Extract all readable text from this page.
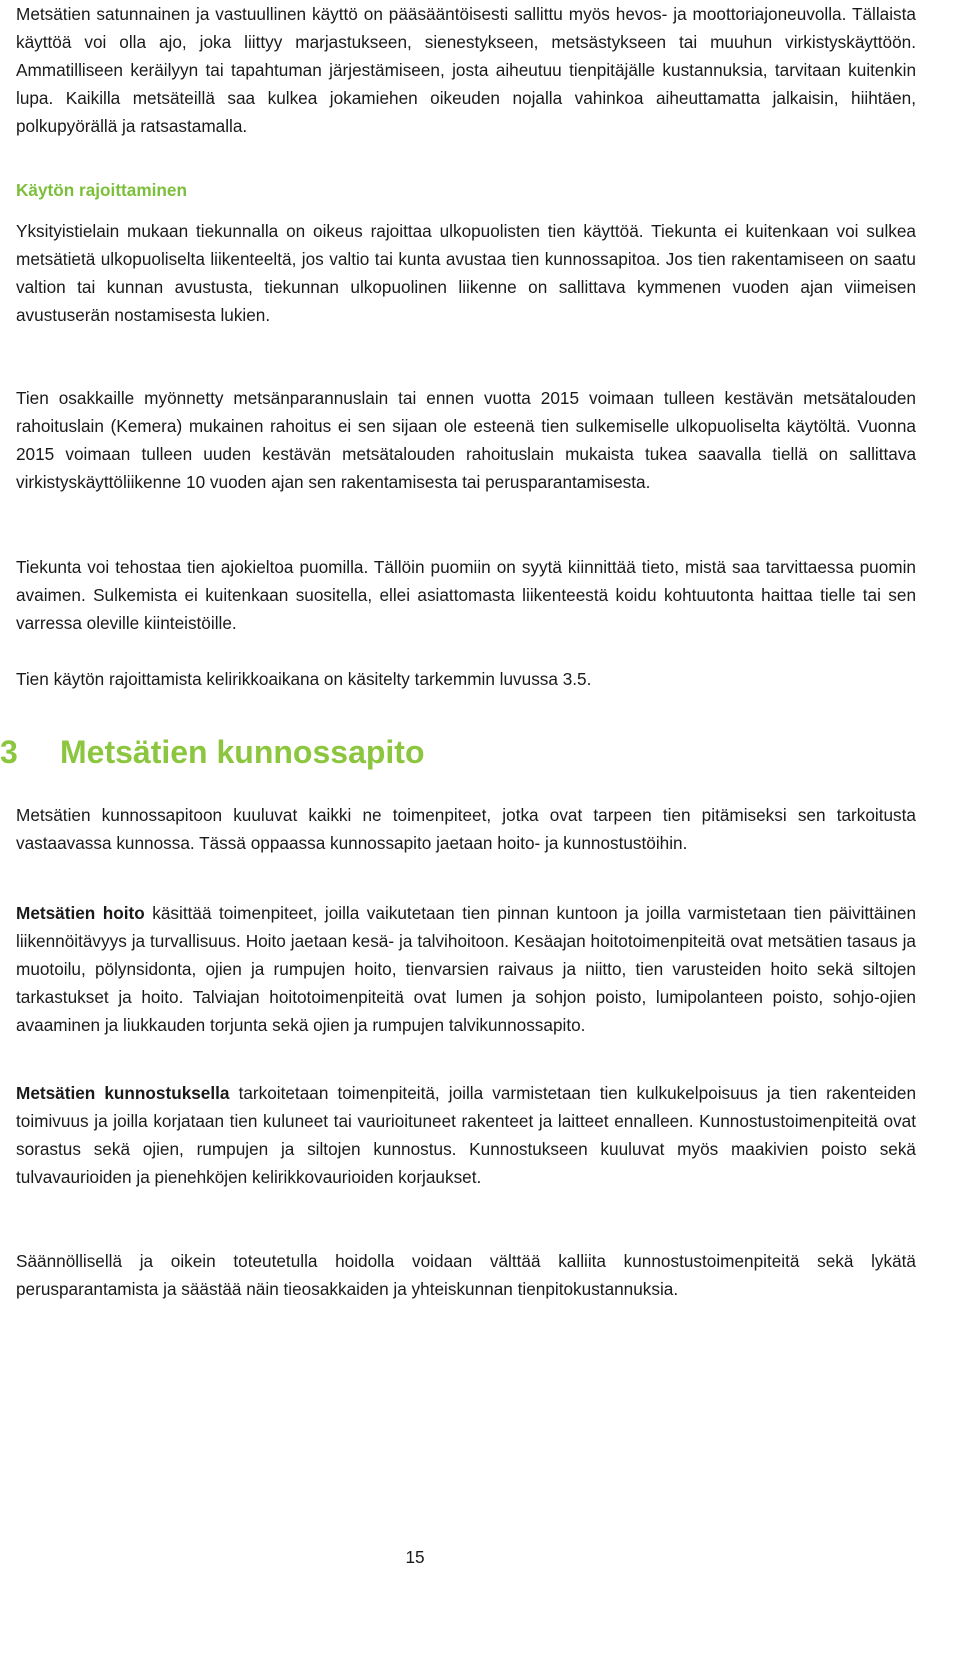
Metsätien satunnainen ja vastuullinen käyttö on pääsääntöisesti sallittu myös hevos- ja moottoriajoneuvolla. Tällaista käyttöä voi olla ajo, joka liittyy marjastukseen, sienestykseen, metsästykseen tai muuhun virkistyskäyttöön. Ammatilliseen keräilyyn tai tapahtuman järjestämiseen, josta aiheutuu tienpitäjälle kustannuksia, tarvitaan kuitenkin lupa. Kaikilla metsäteillä saa kulkea jokamiehen oikeuden nojalla vahinkoa aiheuttamatta jalkaisin, hiihtäen, polkupyörällä ja ratsastamalla.

Käytön rajoittaminen

Yksityistielain mukaan tiekunnalla on oikeus rajoittaa ulkopuolisten tien käyttöä. Tiekunta ei kuitenkaan voi sulkea metsätietä ulkopuoliselta liikenteeltä, jos valtio tai kunta avustaa tien kunnossapitoa. Jos tien rakentamiseen on saatu valtion tai kunnan avustusta, tiekunnan ulkopuolinen liikenne on sallittava kymmenen vuoden ajan viimeisen avustuserän nostamisesta lukien.

Tien osakkaille myönnetty metsänparannuslain tai ennen vuotta 2015 voimaan tulleen kestävän metsätalouden rahoituslain (Kemera) mukainen rahoitus ei sen sijaan ole esteenä tien sulkemiselle ulkopuoliselta käytöltä. Vuonna 2015 voimaan tulleen uuden kestävän metsätalouden rahoituslain mukaista tukea saavalla tiellä on sallittava virkistyskäyttöliikenne 10 vuoden ajan sen rakentamisesta tai perusparantamisesta.

Tiekunta voi tehostaa tien ajokieltoa puomilla. Tällöin puomiin on syytä kiinnittää tieto, mistä saa tarvittaessa puomin avaimen. Sulkemista ei kuitenkaan suositella, ellei asiattomasta liikenteestä koidu kohtuutonta haittaa tielle tai sen varressa oleville kiinteistöille.

Tien käytön rajoittamista kelirikkoaikana on käsitelty tarkemmin luvussa 3.5.

3 Metsätien kunnossapito

Metsätien kunnossapitoon kuuluvat kaikki ne toimenpiteet, jotka ovat tarpeen tien pitämiseksi sen tarkoitusta vastaavassa kunnossa. Tässä oppaassa kunnossapito jaetaan hoito- ja kunnostustöihin.

Metsätien hoito käsittää toimenpiteet, joilla vaikutetaan tien pinnan kuntoon ja joilla varmistetaan tien päivittäinen liikennöitävyys ja turvallisuus. Hoito jaetaan kesä- ja talvihoitoon. Kesäajan hoitotoimenpiteitä ovat metsätien tasaus ja muotoilu, pölynsidonta, ojien ja rumpujen hoito, tienvarsien raivaus ja niitto, tien varusteiden hoito sekä siltojen tarkastukset ja hoito. Talviajan hoitotoimenpiteitä ovat lumen ja sohjon poisto, lumipolanteen poisto, sohjo-ojien avaaminen ja liukkauden torjunta sekä ojien ja rumpujen talvikunnossapito.

Metsätien kunnostuksella tarkoitetaan toimenpiteitä, joilla varmistetaan tien kulkukelpoisuus ja tien rakenteiden toimivuus ja joilla korjataan tien kuluneet tai vaurioituneet rakenteet ja laitteet ennalleen. Kunnostustoimenpiteitä ovat sorastus sekä ojien, rumpujen ja siltojen kunnostus. Kunnostukseen kuuluvat myös maakivien poisto sekä tulvavaurioiden ja pienehköjen kelirikkovaurioiden korjaukset.

Säännöllisellä ja oikein toteutetulla hoidolla voidaan välttää kalliita kunnostustoimenpiteitä sekä lykätä perusparantamista ja säästää näin tieosakkaiden ja yhteiskunnan tienpitokustannuksia.

15
